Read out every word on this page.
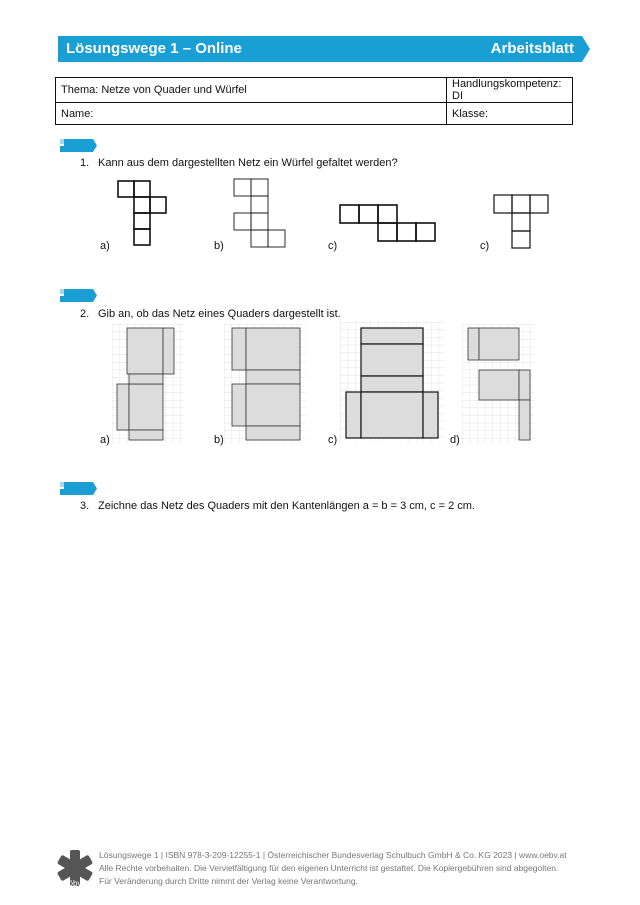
Lösungswege 1 – Online	Arbeitsblatt
Thema: Netze von Quader und Würfel	Handlungskompetenz: DI
Name:	Klasse:
1. Kann aus dem dargestellten Netz ein Würfel gefaltet werden?
a)	b)	c)	c)
2. Gib an, ob das Netz eines Quaders dargestellt ist.
a)	b)	c)	d)
3. Zeichne das Netz des Quaders mit den Kantenlängen a = b = 3 cm, c = 2 cm.
öbv
Lösungswege 1 | ISBN 978-3-209-12255-1 | Österreichischer Bundesverlag Schulbuch GmbH & Co. KG 2023 | www.oebv.at
Alle Rechte vorbehalten. Die Vervielfältigung für den eigenen Unterricht ist gestattet. Die Kopiergebühren sind abgegolten.
Für Veränderung durch Dritte nimmt der Verlag keine Verantwortung.
